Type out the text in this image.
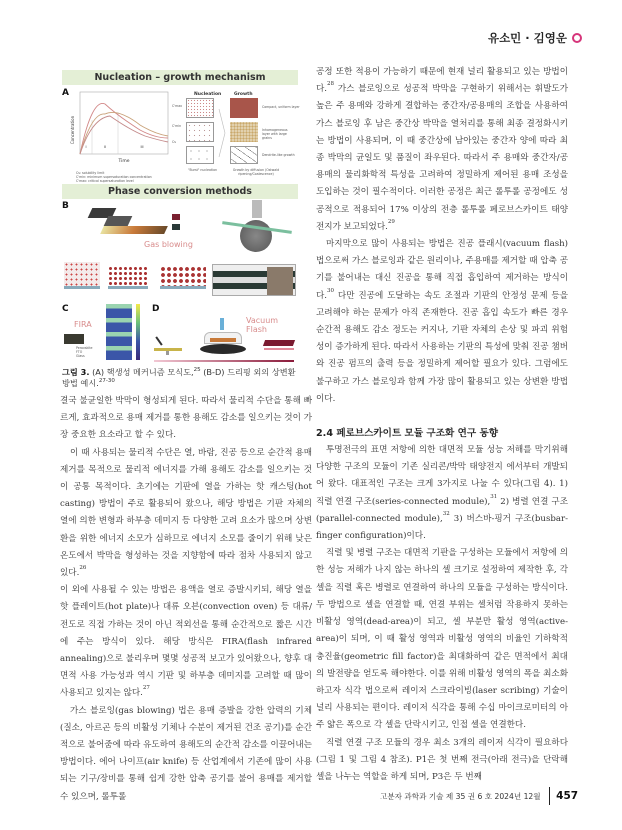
유소민 · 김영운
Nucleation – growth mechanism
A
Concentration
Time
I	II	III
Cs: solubility limit
C'min: minimum supersaturation concentration
C'max: critical supersaturation level
C'max
C'min
Cs
Nucleation
"Burst" nucleation
Growth
Compact, uniform layer
Inhomogeneous layer with large grains
Dendrite-like growth
Growth by diffusion (Ostwald ripening/Coalescence)
Phase conversion methods
B
Gas blowing
C
FIRA
Perovskite
FTO
Glass
D
Vacuum Flash
그림 3. (A) 핵생성 메커니즘 모식도,$^{25}$ (B-D) 드리핑 외의 상변환 방법 예시.$^{27-30}$

결국 불균일한 박막이 형성되게 된다. 따라서 물리적 수단을 통해 빠르게, 효과적으로 용매 제거를 통한 용해도 감소를 일으키는 것이 가장 중요한 요소라고 할 수 있다.

이 때 사용되는 물리적 수단은 열, 바람, 진공 등으로 순간적 용매 제거를 목적으로 물리적 에너지를 가해 용해도 감소를 일으키는 것이 공통 목적이다. 초기에는 기판에 열을 가하는 핫 캐스팅(hot casting) 방법이 주로 활용되어 왔으나, 해당 방법은 기판 자체의 열에 의한 변형과 하부층 데미지 등 다양한 고려 요소가 많으며 상변환을 위한 에너지 소모가 심하므로 에너지 소모를 줄이기 위해 낮은 온도에서 박막을 형성하는 것을 지향함에 따라 점차 사용되지 않고 있다.$^{26}$

이 외에 사용될 수 있는 방법은 용액을 열로 증발시키되, 해당 열을 핫 플레이트(hot plate)나 대류 오븐(convection oven) 등 대류/전도로 직접 가하는 것이 아닌 적외선을 통해 순간적으로 짧은 시간에 주는 방식이 있다. 해당 방식은 FIRA(flash infrared annealing)으로 불리우며 몇몇 성공적 보고가 있어왔으나, 향후 대면적 사용 가능성과 역시 기판 및 하부층 데미지를 고려할 때 많이 사용되고 있지는 않다.$^{27}$

가스 블로잉(gas blowing) 법은 용매 증발을 강한 압력의 기체(질소, 아르곤 등의 비활성 기체나 수분이 제거된 건조 공기)를 순간적으로 불어줌에 따라 유도하여 용해도의 순간적 감소를 이끌어내는 방법이다. 에어 나이프(air knife) 등 산업계에서 기존에 많이 사용되는 기구/장비를 통해 쉽게 강한 압축 공기를 불어 용매를 제거할 수 있으며, 롤투롤

공정 또한 적용이 가능하기 때문에 현재 널리 활용되고 있는 방법이다.$^{28}$ 가스 블로잉으로 성공적 박막을 구현하기 위해서는 휘발도가 높은 주 용매와 강하게 결합하는 중간자/공용매의 조합을 사용하여 가스 블로잉 후 남은 중간상 박막을 열처리를 통해 최종 결정화시키는 방법이 사용되며, 이 때 중간상에 남아있는 중간자 양에 따라 최종 박막의 균일도 및 품질이 좌우된다. 따라서 주 용매와 중간자/공용매의 물리화학적 특성을 고려하여 정밀하게 제어된 용매 조성을 도입하는 것이 필수적이다. 이러한 공정은 최근 롤투롤 공정에도 성공적으로 적용되어 17% 이상의 전층 롤투롤 페로브스카이트 태양전지가 보고되었다.$^{29}$

마지막으로 많이 사용되는 방법은 진공 플래시(vacuum flash)법으로써 가스 블로잉과 같은 원리이나, 주용매를 제거할 때 압축 공기를 불어내는 대신 진공을 통해 직접 흡입하여 제거하는 방식이다.$^{30}$ 다만 진공에 도달하는 속도 조절과 기판의 안정성 문제 등을 고려해야 하는 문제가 아직 존재한다. 진공 흡입 속도가 빠른 경우 순간적 용해도 감소 정도는 커지나, 기판 자체의 손상 및 파괴 위험성이 증가하게 된다. 따라서 사용하는 기판의 특성에 맞춰 진공 챔버와 진공 펌프의 출력 등을 정밀하게 제어할 필요가 있다. 그럼에도 불구하고 가스 블로잉과 함께 가장 많이 활용되고 있는 상변환 방법이다.

2.4 페로브스카이트 모듈 구조화 연구 동향

투명전극의 표면 저항에 의한 대면적 모듈 성능 저해를 막기위해 다양한 구조의 모듈이 기존 실리콘/박막 태양전지 에서부터 개발되어 왔다. 대표적인 구조는 크게 3가지로 나눌 수 있다(그림 4). 1) 직렬 연결 구조(series-connected module),$^{31}$ 2) 병렬 연결 구조(parallel-connected module),$^{32}$ 3) 버스바-핑거 구조(busbar-finger configuration)이다.

직렬 및 병렬 구조는 대면적 기판을 구성하는 모듈에서 저항에 의한 성능 저해가 나지 않는 하나의 셀 크기로 설정하여 제작한 후, 각 셀을 직렬 혹은 병렬로 연결하여 하나의 모듈을 구성하는 방식이다. 두 방법으로 셀을 연결할 때, 연결 부위는 셀처럼 작용하지 못하는 비활성 영역(dead-area)이 되고, 셀 부분만 활성 영역(active-area)이 되며, 이 때 활성 영역과 비활성 영역의 비율인 기하학적 충진율(geometric fill factor)을 최대화하여 같은 면적에서 최대의 발전량을 얻도록 해야한다. 이를 위해 비활성 영역의 폭을 최소화하고자 식각 법으로써 레이저 스크라이빙(laser scribing) 기술이 널리 사용되는 편이다. 레이저 식각을 통해 수십 마이크로미터의 아주 얇은 폭으로 각 셀을 단락시키고, 인접 셀을 연결한다.

직렬 연결 구조 모듈의 경우 최소 3개의 레이저 식각이 필요하다(그림 1 및 그림 4 참조). P1은 첫 번째 전극(아래 전극)을 단락해 셀을 나누는 역할을 하게 되며, P3은 두 번째

고분자 과학과 기술 제 35 권 6 호 2024년 12월 457
